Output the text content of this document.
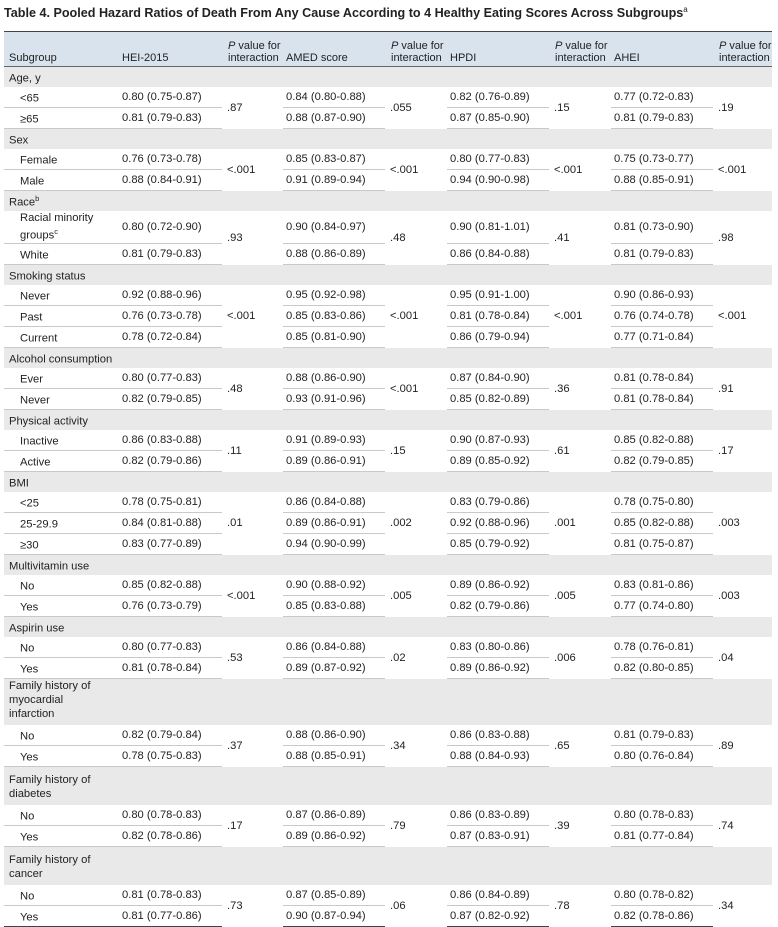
Table 4. Pooled Hazard Ratios of Death From Any Cause According to 4 Healthy Eating Scores Across Subgroups$^a$
Subgroup	HEI-2015	P value for
interaction	AMED score	P value for
interaction	HPDI	P value for
interaction	AHEI	P value for
interaction
Age, y								
<65	0.80 (0.75-0.87)	.87	0.84 (0.80-0.88)	.055	0.82 (0.76-0.89)	.15	0.77 (0.72-0.83)	.19
≥65	0.81 (0.79-0.83)		0.88 (0.87-0.90)		0.87 (0.85-0.90)		0.81 (0.79-0.83)	
Sex								
Female	0.76 (0.73-0.78)	<.001	0.85 (0.83-0.87)	<.001	0.80 (0.77-0.83)	<.001	0.75 (0.73-0.77)	<.001
Male	0.88 (0.84-0.91)		0.91 (0.89-0.94)		0.94 (0.90-0.98)		0.88 (0.85-0.91)	
Race$^b$
Racial minority groups$^c$	0.80 (0.72-0.90)	.93	0.90 (0.84-0.97)	.48	0.90 (0.81-1.01)	.41	0.81 (0.73-0.90)	.98
White	0.81 (0.79-0.83)		0.88 (0.86-0.89)		0.86 (0.84-0.88)		0.81 (0.79-0.83)	
Smoking status								
Never	0.92 (0.88-0.96)	<.001	0.95 (0.92-0.98)	<.001	0.95 (0.91-1.00)	<.001	0.90 (0.86-0.93)	<.001
Past	0.76 (0.73-0.78)		0.85 (0.83-0.86)		0.81 (0.78-0.84)		0.76 (0.74-0.78)	
Current	0.78 (0.72-0.84)		0.85 (0.81-0.90)		0.86 (0.79-0.94)		0.77 (0.71-0.84)	
Alcohol consumption								
Ever	0.80 (0.77-0.83)	.48	0.88 (0.86-0.90)	<.001	0.87 (0.84-0.90)	.36	0.81 (0.78-0.84)	.91
Never	0.82 (0.79-0.85)		0.93 (0.91-0.96)		0.85 (0.82-0.89)		0.81 (0.78-0.84)	
Physical activity								
Inactive	0.86 (0.83-0.88)	.11	0.91 (0.89-0.93)	.15	0.90 (0.87-0.93)	.61	0.85 (0.82-0.88)	.17
Active	0.82 (0.79-0.86)		0.89 (0.86-0.91)		0.89 (0.85-0.92)		0.82 (0.79-0.85)	
BMI								
<25	0.78 (0.75-0.81)	.01	0.86 (0.84-0.88)	.002	0.83 (0.79-0.86)	.001	0.78 (0.75-0.80)	.003
25-29.9	0.84 (0.81-0.88)		0.89 (0.86-0.91)		0.92 (0.88-0.96)		0.85 (0.82-0.88)	
≥30	0.83 (0.77-0.89)		0.94 (0.90-0.99)		0.85 (0.79-0.92)		0.81 (0.75-0.87)	
Multivitamin use								
No	0.85 (0.82-0.88)	<.001	0.90 (0.88-0.92)	.005	0.89 (0.86-0.92)	.005	0.83 (0.81-0.86)	.003
Yes	0.76 (0.73-0.79)		0.85 (0.83-0.88)		0.82 (0.79-0.86)		0.77 (0.74-0.80)	
Aspirin use								
No	0.80 (0.77-0.83)	.53	0.86 (0.84-0.88)	.02	0.83 (0.80-0.86)	.006	0.78 (0.76-0.81)	.04
Yes	0.81 (0.78-0.84)		0.89 (0.87-0.92)		0.89 (0.86-0.92)		0.82 (0.80-0.85)	
Family history of myocardial infarction								
No	0.82 (0.79-0.84)	.37	0.88 (0.86-0.90)	.34	0.86 (0.83-0.88)	.65	0.81 (0.79-0.83)	.89
Yes	0.78 (0.75-0.83)		0.88 (0.85-0.91)		0.88 (0.84-0.93)		0.80 (0.76-0.84)	
Family history of diabetes								
No	0.80 (0.78-0.83)	.17	0.87 (0.86-0.89)	.79	0.86 (0.83-0.89)	.39	0.80 (0.78-0.83)	.74
Yes	0.82 (0.78-0.86)		0.89 (0.86-0.92)		0.87 (0.83-0.91)		0.81 (0.77-0.84)	
Family history of cancer								
No	0.81 (0.78-0.83)	.73	0.87 (0.85-0.89)	.06	0.86 (0.84-0.89)	.78	0.80 (0.78-0.82)	.34
Yes	0.81 (0.77-0.86)		0.90 (0.87-0.94)		0.87 (0.82-0.92)		0.82 (0.78-0.86)	
